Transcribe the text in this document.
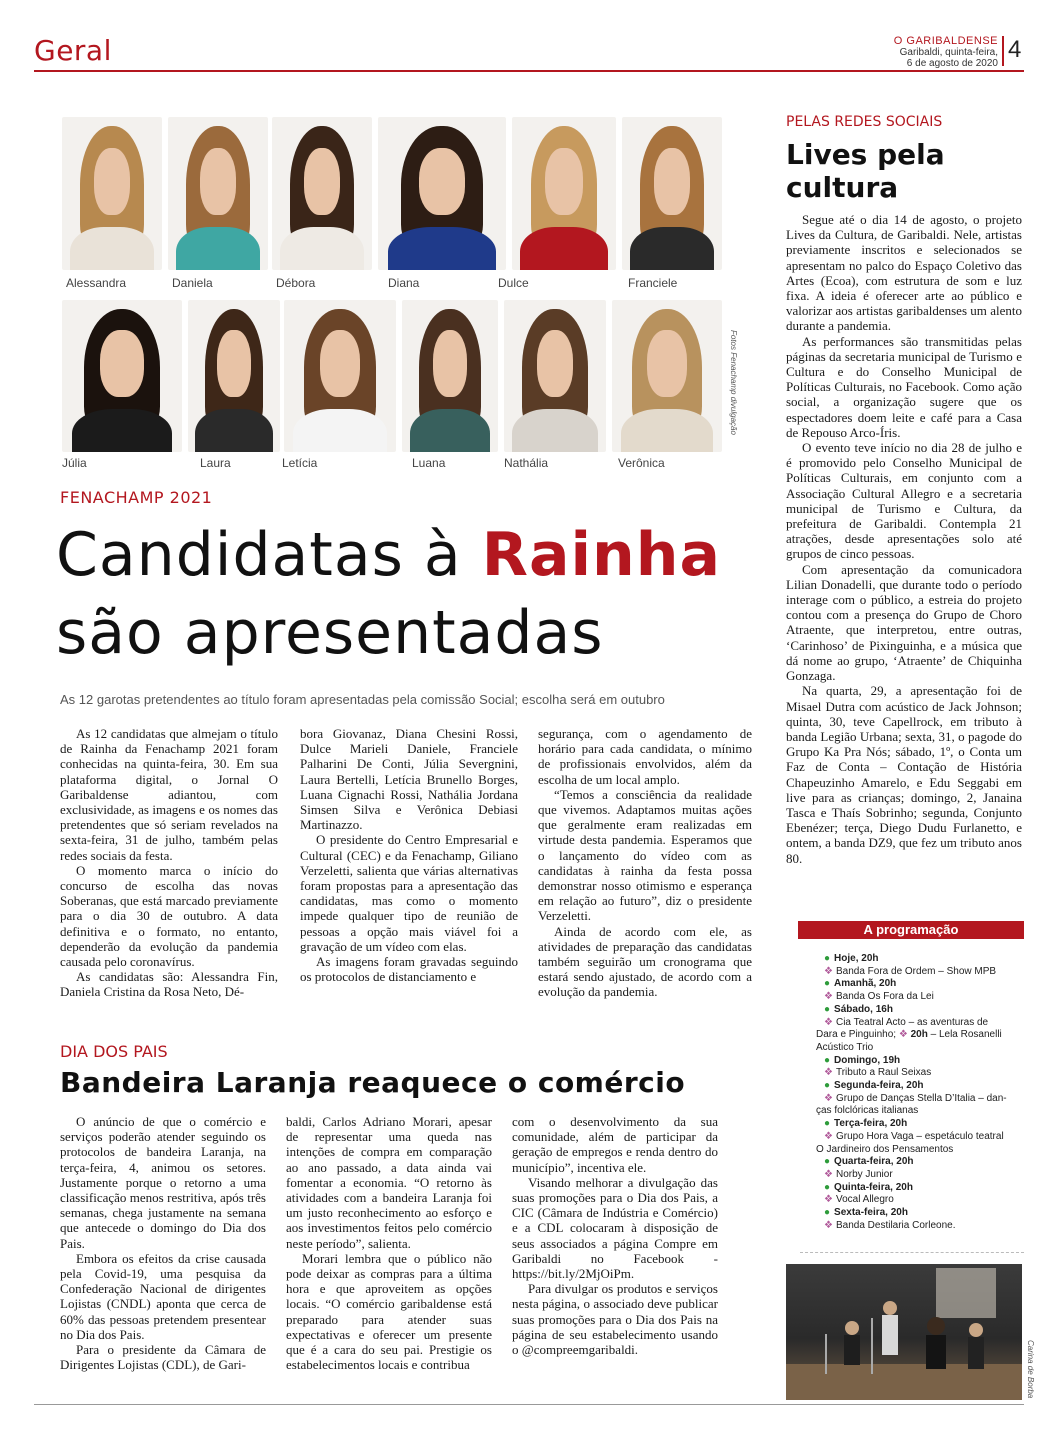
Geral	O GARIBALDENSE
Garibaldi, quinta-feira,
6 de agosto de 2020
4
Alessandra	Daniela	Débora	Diana	Dulce	Franciele
Júlia	Laura	Letícia	Luana	Nathália	Verônica
Fotos Fenachamp divulgação
FENACHAMP 2021
Candidatas à Rainha
são apresentadas
As 12 garotas pretendentes ao título foram apresentadas pela comissão Social; escolha será em outubro

As 12 candidatas que almejam o título de Rainha da Fenachamp 2021 foram conhecidas na quinta-feira, 30. Em sua plataforma digital, o Jornal O Garibaldense adiantou, com exclusividade, as imagens e os nomes das pretendentes que só seriam revelados na sexta-feira, 31 de julho, também pelas redes sociais da festa.

O momento marca o início do concurso de escolha das novas Soberanas, que está marcado previamente para o dia 30 de outubro. A data definitiva e o formato, no entanto, dependerão da evolução da pandemia causada pelo coronavírus.

As candidatas são: Alessandra Fin, Daniela Cristina da Rosa Neto, Dé-

bora Giovanaz, Diana Chesini Rossi, Dulce Marieli Daniele, Franciele Palharini De Conti, Júlia Severgnini, Laura Bertelli, Letícia Brunello Borges, Luana Cignachi Rossi, Nathália Jordana Simsen Silva e Verônica Debiasi Martinazzo.

O presidente do Centro Empresarial e Cultural (CEC) e da Fenachamp, Giliano Verzeletti, salienta que várias alternativas foram propostas para a apresentação das candidatas, mas como o momento impede qualquer tipo de reunião de pessoas a opção mais viável foi a gravação de um vídeo com elas.

As imagens foram gravadas seguindo os protocolos de distanciamento e

segurança, com o agendamento de horário para cada candidata, o mínimo de profissionais envolvidos, além da escolha de um local amplo.

“Temos a consciência da realidade que vivemos. Adaptamos muitas ações que geralmente eram realizadas em virtude desta pandemia. Esperamos que o lançamento do vídeo com as candidatas à rainha da festa possa demonstrar nosso otimismo e esperança em relação ao futuro”, diz o presidente Verzeletti.

Ainda de acordo com ele, as atividades de preparação das candidatas também seguirão um cronograma que estará sendo ajustado, de acordo com a evolução da pandemia.

PELAS REDES SOCIAIS
Lives pela
cultura

Segue até o dia 14 de agosto, o projeto Lives da Cultura, de Garibaldi. Nele, artistas previamente inscritos e selecionados se apresentam no palco do Espaço Coletivo das Artes (Ecoa), com estrutura de som e luz fixa. A ideia é oferecer arte ao público e valorizar aos artistas garibaldenses um alento durante a pandemia.

As performances são transmitidas pelas páginas da secretaria municipal de Turismo e Cultura e do Conselho Municipal de Políticas Culturais, no Facebook. Como ação social, a organização sugere que os espectadores doem leite e café para a Casa de Repouso Arco-Íris.

O evento teve início no dia 28 de julho e é promovido pelo Conselho Municipal de Políticas Culturais, em conjunto com a Associação Cultural Allegro e a secretaria municipal de Turismo e Cultura, da prefeitura de Garibaldi. Contempla 21 atrações, desde apresentações solo até grupos de cinco pessoas.

Com apresentação da comunicadora Lilian Donadelli, que durante todo o período interage com o público, a estreia do projeto contou com a presença do Grupo de Choro Atraente, que interpretou, entre outras, ‘Carinhoso’ de Pixinguinha, e a música que dá nome ao grupo, ‘Atraente’ de Chiquinha Gonzaga.

Na quarta, 29, a apresentação foi de Misael Dutra com acústico de Jack Johnson; quinta, 30, teve Capellrock, em tributo à banda Legião Urbana; sexta, 31, o pagode do Grupo Ka Pra Nós; sábado, 1º, o Conta um Faz de Conta – Contação de História Chapeuzinho Amarelo, e Edu Seggabi em live para as crianças; domingo, 2, Janaina Tasca e Thaís Sobrinho; segunda, Conjunto Ebenézer; terça, Diego Dudu Furlanetto, e ontem, a banda DZ9, que fez um tributo anos 80.

A programação
● Hoje, 20h
❖ Banda Fora de Ordem – Show MPB
● Amanhã, 20h
❖ Banda Os Fora da Lei
● Sábado, 16h
❖ Cia Teatral Acto – as aventuras de
Dara e Pinguinho; ❖ 20h – Lela Rosanelli
Acústico Trio
● Domingo, 19h
❖ Tributo a Raul Seixas
● Segunda-feira, 20h
❖ Grupo de Danças Stella D’Italia – dan-
ças folclóricas italianas
● Terça-feira, 20h
❖ Grupo Hora Vaga – espetáculo teatral
O Jardineiro dos Pensamentos
● Quarta-feira, 20h
❖ Norby Junior
● Quinta-feira, 20h
❖ Vocal Allegro
● Sexta-feira, 20h
❖ Banda Destilaria Corleone.
Carina de Borba
DIA DOS PAIS
Bandeira Laranja reaquece o comércio

O anúncio de que o comércio e serviços poderão atender seguindo os protocolos de bandeira Laranja, na terça-feira, 4, animou os setores. Justamente porque o retorno a uma classificação menos restritiva, após três semanas, chega justamente na semana que antecede o domingo do Dia dos Pais.

Embora os efeitos da crise causada pela Covid-19, uma pesquisa da Confederação Nacional de dirigentes Lojistas (CNDL) aponta que cerca de 60% das pessoas pretendem presentear no Dia dos Pais.

Para o presidente da Câmara de Dirigentes Lojistas (CDL), de Gari-

baldi, Carlos Adriano Morari, apesar de representar uma queda nas intenções de compra em comparação ao ano passado, a data ainda vai fomentar a economia. “O retorno às atividades com a bandeira Laranja foi um justo reconhecimento ao esforço e aos investimentos feitos pelo comércio neste período”, salienta.

Morari lembra que o público não pode deixar as compras para a última hora e que aproveitem as opções locais. “O comércio garibaldense está preparado para atender suas expectativas e oferecer um presente que é a cara do seu pai. Prestigie os estabelecimentos locais e contribua

com o desenvolvimento da sua comunidade, além de participar da geração de empregos e renda dentro do município”, incentiva ele.

Visando melhorar a divulgação das suas promoções para o Dia dos Pais, a CIC (Câmara de Indústria e Comércio) e a CDL colocaram à disposição de seus associados a página Compre em Garibaldi no Facebook - https://bit.ly/2MjOiPm.

Para divulgar os produtos e serviços nesta página, o associado deve publicar suas promoções para o Dia dos Pais na página de seu estabelecimento usando o @compreemgaribaldi.
